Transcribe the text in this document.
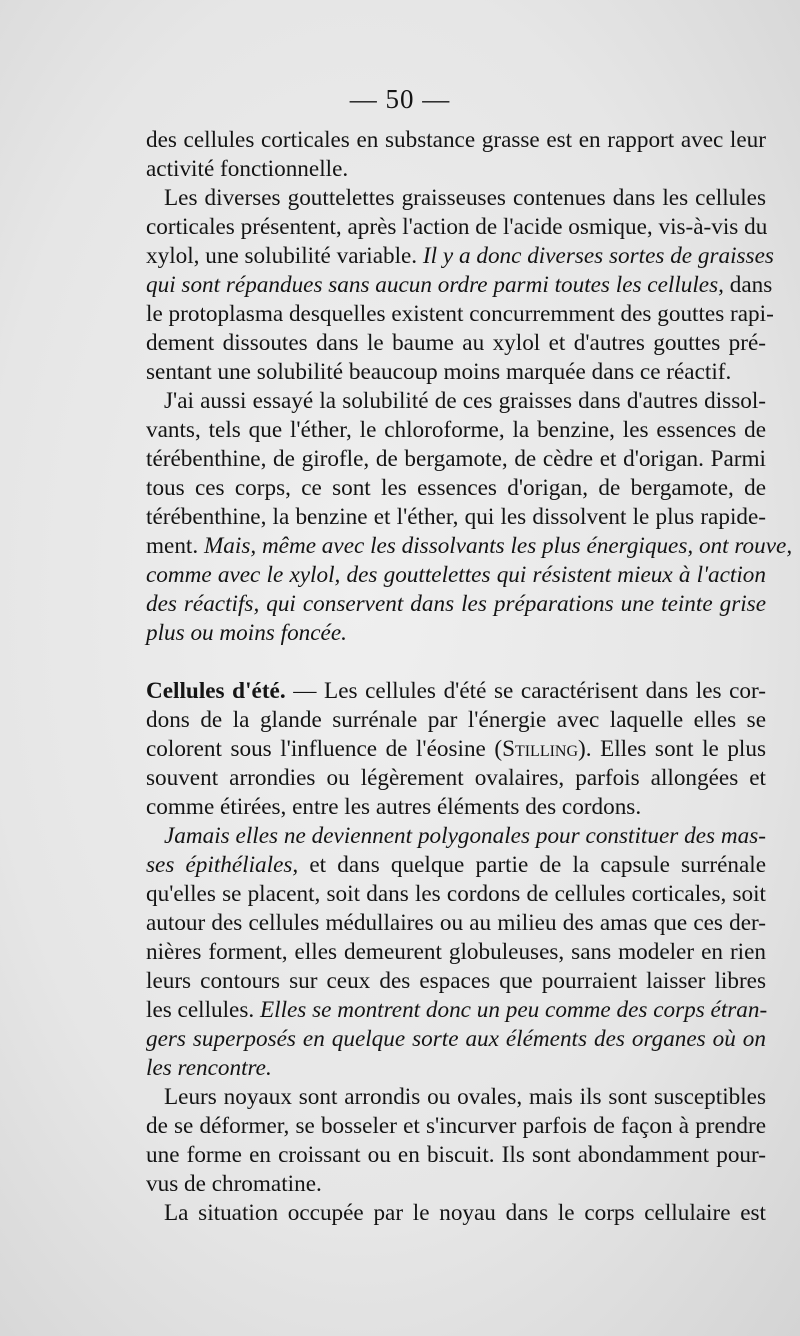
— 50 —
des cellules corticales en substance grasse est en rapport avec leur
activité fonctionnelle.
Les diverses gouttelettes graisseuses contenues dans les cellules
corticales présentent, après l'action de l'acide osmique, vis-à-vis du
xylol, une solubilité variable. Il y a donc diverses sortes de graisses
qui sont répandues sans aucun ordre parmi toutes les cellules, dans
le protoplasma desquelles existent concurremment des gouttes rapi-
dement dissoutes dans le baume au xylol et d'autres gouttes pré-
sentant une solubilité beaucoup moins marquée dans ce réactif.
J'ai aussi essayé la solubilité de ces graisses dans d'autres dissol-
vants, tels que l'éther, le chloroforme, la benzine, les essences de
térébenthine, de girofle, de bergamote, de cèdre et d'origan. Parmi
tous ces corps, ce sont les essences d'origan, de bergamote, de
térébenthine, la benzine et l'éther, qui les dissolvent le plus rapide-
ment. Mais, même avec les dissolvants les plus énergiques, ont rouve,
comme avec le xylol, des gouttelettes qui résistent mieux à l'action
des réactifs, qui conservent dans les préparations une teinte grise
plus ou moins foncée.
Cellules d'été. — Les cellules d'été se caractérisent dans les cor-
dons de la glande surrénale par l'énergie avec laquelle elles se
colorent sous l'influence de l'éosine (Stilling). Elles sont le plus
souvent arrondies ou légèrement ovalaires, parfois allongées et
comme étirées, entre les autres éléments des cordons.
Jamais elles ne deviennent polygonales pour constituer des mas-
ses épithéliales, et dans quelque partie de la capsule surrénale
qu'elles se placent, soit dans les cordons de cellules corticales, soit
autour des cellules médullaires ou au milieu des amas que ces der-
nières forment, elles demeurent globuleuses, sans modeler en rien
leurs contours sur ceux des espaces que pourraient laisser libres
les cellules. Elles se montrent donc un peu comme des corps étran-
gers superposés en quelque sorte aux éléments des organes où on
les rencontre.
Leurs noyaux sont arrondis ou ovales, mais ils sont susceptibles
de se déformer, se bosseler et s'incurver parfois de façon à prendre
une forme en croissant ou en biscuit. Ils sont abondamment pour-
vus de chromatine.
La situation occupée par le noyau dans le corps cellulaire est
